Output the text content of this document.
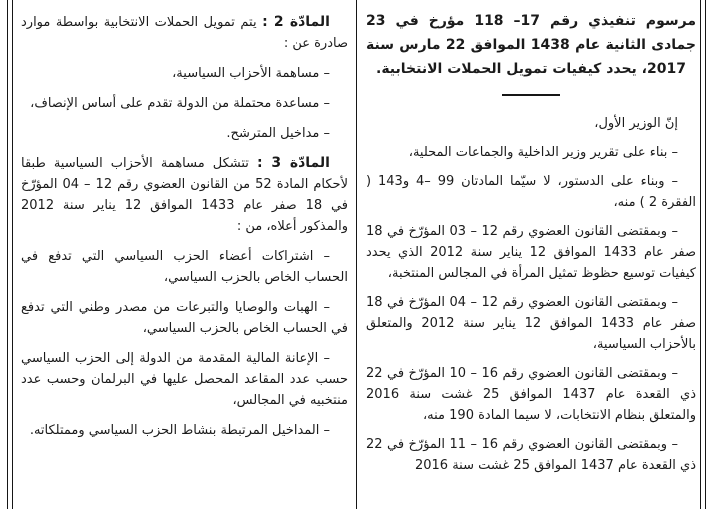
مرسوم تنفيذي رقم 17‏–‏ 118 مؤرخ في 23 جمادى الثانية عام 1438 الموافق 22 مارس سنة 2017، يحدد كيفيات تمويل الحملات الانتخابية.

إنّ الوزير الأول،

– بناء على تقرير وزير الداخلية والجماعات المحلية،

– وبناء على الدستور، لا سيّما المادتان 99 ‏–‏4 و143 ( الفقرة 2 ) منه،

– وبمقتضى القانون العضوي رقم 12 ‏–‏ 03 المؤرّخ في 18 صفر عام 1433 الموافق 12 يناير سنة 2012 الذي يحدد كيفيات توسيع حظوظ تمثيل المرأة في المجالس المنتخبة،

– وبمقتضى القانون العضوي رقم 12 ‏–‏ 04 المؤرّخ في 18 صفر عام 1433 الموافق 12 يناير سنة 2012 والمتعلق بالأحزاب السياسية،

– وبمقتضى القانون العضوي رقم 16 ‏–‏ 10 المؤرّخ في 22 ذي القعدة عام 1437 الموافق 25 غشت سنة 2016 والمتعلق بنظام الانتخابات، لا سيما المادة 190 منه،

– وبمقتضى القانون العضوي رقم 16 ‏–‏ 11 المؤرّخ في 22 ذي القعدة عام 1437 الموافق 25 غشت سنة 2016

المادّة 2 : يتم تمويل الحملات الانتخابية بواسطة موارد صادرة عن :

– مساهمة الأحزاب السياسية،

– مساعدة محتملة من الدولة تقدم على أساس الإنصاف،

– مداخيل المترشح.

المادّة 3 : تتشكل مساهمة الأحزاب السياسية طبقا لأحكام المادة 52 من القانون العضوي رقم 12 ‏–‏ 04 المؤرّخ في 18 صفر عام 1433 الموافق 12 يناير سنة 2012 والمذكور أعلاه، من :

– اشتراكات أعضاء الحزب السياسي التي تدفع في الحساب الخاص بالحزب السياسي،

– الهبات والوصايا والتبرعات من مصدر وطني التي تدفع في الحساب الخاص بالحزب السياسي،

– الإعانة المالية المقدمة من الدولة إلى الحزب السياسي حسب عدد المقاعد المحصل عليها في البرلمان وحسب عدد منتخبيه في المجالس،

– المداخيل المرتبطة بنشاط الحزب السياسي وممتلكاته.
